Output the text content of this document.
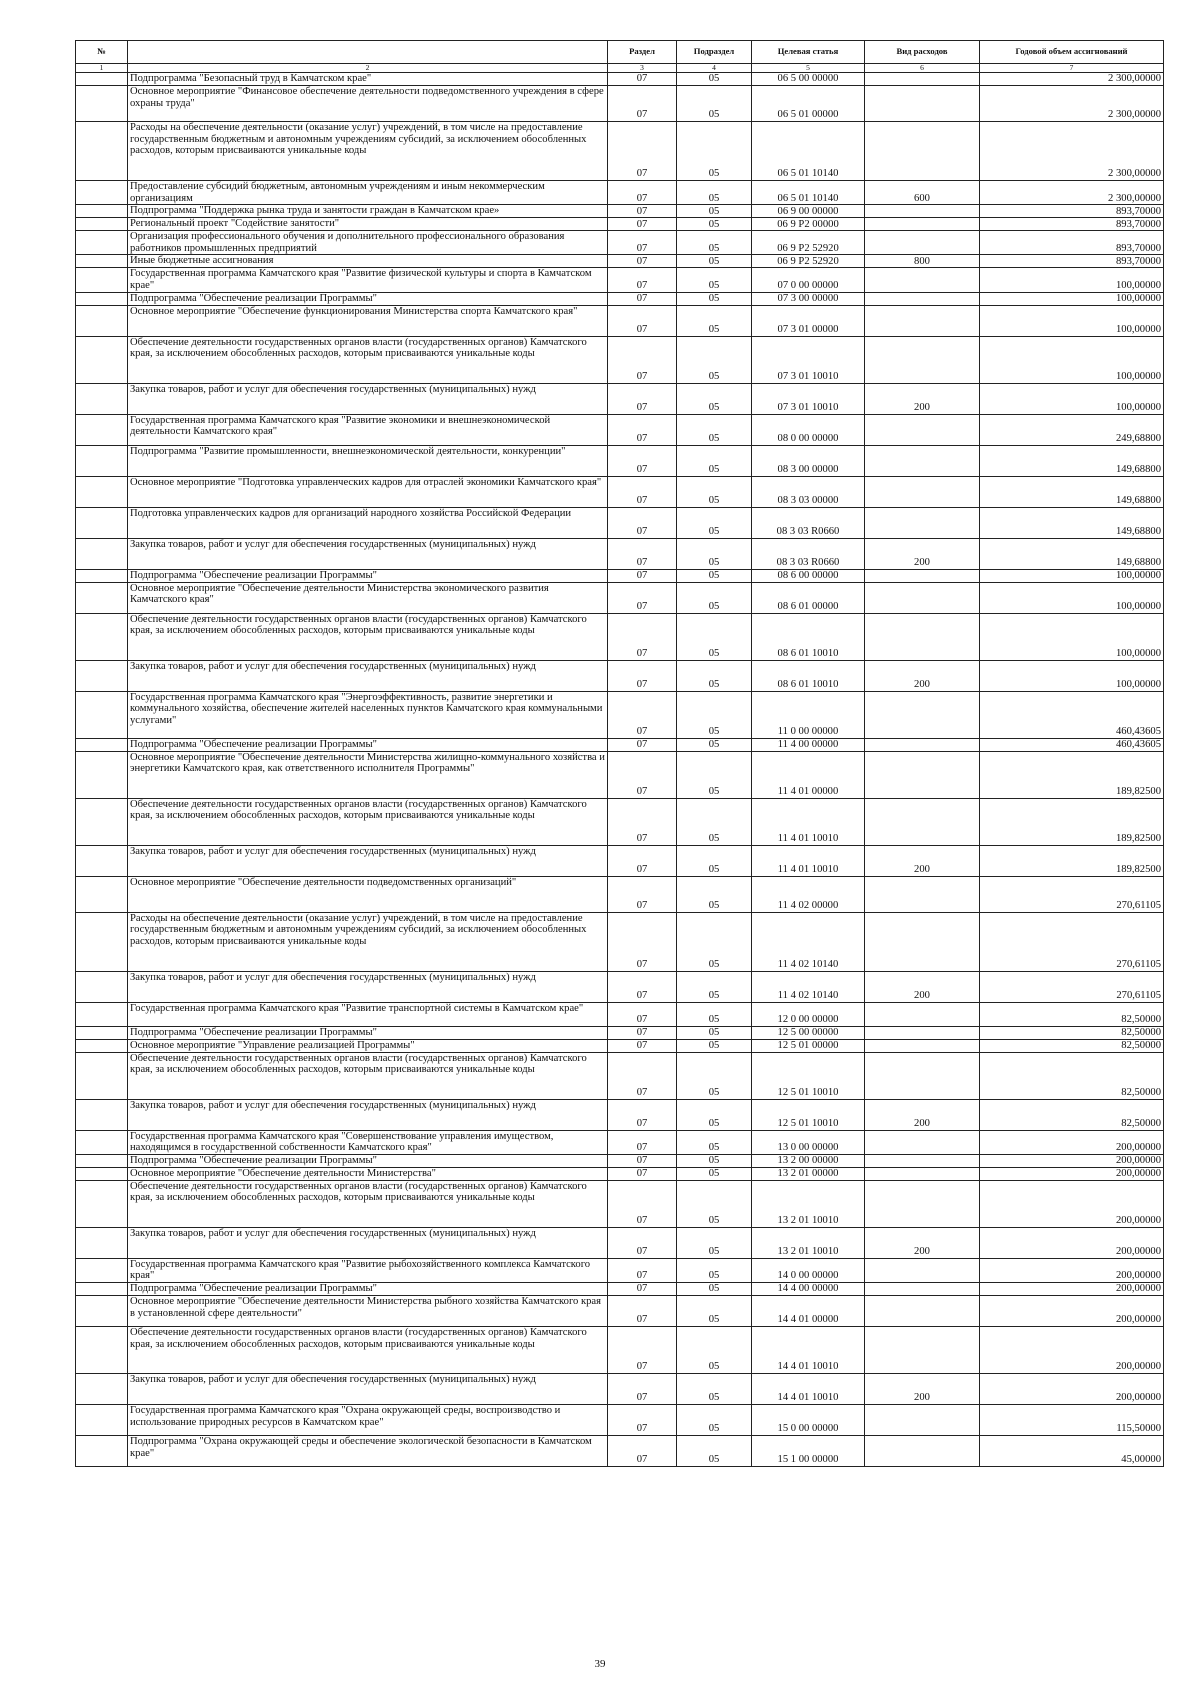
№		Раздел	Подраздел	Целевая статья	Вид расходов	Годовой объем ассигнований
1	2	3	4	5	6	7
	Подпрограмма "Безопасный труд в Камчатском крае"	07	05	06 5 00 00000		2 300,00000
	Основное мероприятие "Финансовое обеспечение деятельности подведомственного учреждения в сфере охраны труда"	07	05	06 5 01 00000		2 300,00000
	Расходы на обеспечение деятельности (оказание услуг) учреждений, в том числе на предоставление государственным бюджетным и автономным учреждениям субсидий, за исключением обособленных расходов, которым присваиваются уникальные коды	07	05	06 5 01 10140		2 300,00000
	Предоставление субсидий бюджетным, автономным учреждениям и иным некоммерческим организациям	07	05	06 5 01 10140	600	2 300,00000
	Подпрограмма "Поддержка рынка труда и занятости граждан в Камчатском крае»	07	05	06 9 00 00000		893,70000
	Региональный проект "Содействие занятости"	07	05	06 9 P2 00000		893,70000
	Организация профессионального обучения и дополнительного профессионального образования работников промышленных предприятий	07	05	06 9 P2 52920		893,70000
	Иные бюджетные ассигнования	07	05	06 9 P2 52920	800	893,70000
	Государственная программа Камчатского края "Развитие физической культуры и спорта в Камчатском крае"	07	05	07 0 00 00000		100,00000
	Подпрограмма "Обеспечение реализации Программы"	07	05	07 3 00 00000		100,00000
	Основное мероприятие "Обеспечение функционирования Министерства спорта Камчатского края"	07	05	07 3 01 00000		100,00000
	Обеспечение деятельности государственных органов власти (государственных органов) Камчатского края, за исключением обособленных расходов, которым присваиваются уникальные коды	07	05	07 3 01 10010		100,00000
	Закупка товаров, работ и услуг для обеспечения государственных (муниципальных) нужд	07	05	07 3 01 10010	200	100,00000
	Государственная программа Камчатского края "Развитие экономики и внешнеэкономической деятельности Камчатского края"	07	05	08 0 00 00000		249,68800
	Подпрограмма "Развитие промышленности, внешнеэкономической деятельности, конкуренции"	07	05	08 3 00 00000		149,68800
	Основное мероприятие "Подготовка управленческих кадров для отраслей экономики Камчатского края"	07	05	08 3 03 00000		149,68800
	Подготовка управленческих кадров для организаций народного хозяйства Российской Федерации	07	05	08 3 03 R0660		149,68800
	Закупка товаров, работ и услуг для обеспечения государственных (муниципальных) нужд	07	05	08 3 03 R0660	200	149,68800
	Подпрограмма "Обеспечение реализации Программы"	07	05	08 6 00 00000		100,00000
	Основное мероприятие "Обеспечение деятельности Министерства экономического развития Камчатского края"	07	05	08 6 01 00000		100,00000
	Обеспечение деятельности государственных органов власти (государственных органов) Камчатского края, за исключением обособленных расходов, которым присваиваются уникальные коды	07	05	08 6 01 10010		100,00000
	Закупка товаров, работ и услуг для обеспечения государственных (муниципальных) нужд	07	05	08 6 01 10010	200	100,00000
	Государственная программа Камчатского края "Энергоэффективность, развитие энергетики и коммунального хозяйства, обеспечение жителей населенных пунктов Камчатского края коммунальными услугами"	07	05	11 0 00 00000		460,43605
	Подпрограмма "Обеспечение реализации Программы"	07	05	11 4 00 00000		460,43605
	Основное мероприятие "Обеспечение деятельности Министерства жилищно-коммунального хозяйства и энергетики Камчатского края, как ответственного исполнителя Программы"	07	05	11 4 01 00000		189,82500
	Обеспечение деятельности государственных органов власти (государственных органов) Камчатского края, за исключением обособленных расходов, которым присваиваются уникальные коды	07	05	11 4 01 10010		189,82500
	Закупка товаров, работ и услуг для обеспечения государственных (муниципальных) нужд	07	05	11 4 01 10010	200	189,82500
	Основное мероприятие "Обеспечение деятельности подведомственных организаций"	07	05	11 4 02 00000		270,61105
	Расходы на обеспечение деятельности (оказание услуг) учреждений, в том числе на предоставление государственным бюджетным и автономным учреждениям субсидий, за исключением обособленных расходов, которым присваиваются уникальные коды	07	05	11 4 02 10140		270,61105
	Закупка товаров, работ и услуг для обеспечения государственных (муниципальных) нужд	07	05	11 4 02 10140	200	270,61105
	Государственная программа Камчатского края "Развитие транспортной системы в Камчатском крае"	07	05	12 0 00 00000		82,50000
	Подпрограмма "Обеспечение реализации Программы"	07	05	12 5 00 00000		82,50000
	Основное мероприятие "Управление реализацией Программы"	07	05	12 5 01 00000		82,50000
	Обеспечение деятельности государственных органов власти (государственных органов) Камчатского края, за исключением обособленных расходов, которым присваиваются уникальные коды	07	05	12 5 01 10010		82,50000
	Закупка товаров, работ и услуг для обеспечения государственных (муниципальных) нужд	07	05	12 5 01 10010	200	82,50000
	Государственная программа Камчатского края "Совершенствование управления имуществом, находящимся в государственной собственности Камчатского края"	07	05	13 0 00 00000		200,00000
	Подпрограмма "Обеспечение реализации Программы"	07	05	13 2 00 00000		200,00000
	Основное мероприятие "Обеспечение деятельности Министерства"	07	05	13 2 01 00000		200,00000
	Обеспечение деятельности государственных органов власти (государственных органов) Камчатского края, за исключением обособленных расходов, которым присваиваются уникальные коды	07	05	13 2 01 10010		200,00000
	Закупка товаров, работ и услуг для обеспечения государственных (муниципальных) нужд	07	05	13 2 01 10010	200	200,00000
	Государственная программа Камчатского края "Развитие рыбохозяйственного комплекса Камчатского края"	07	05	14 0 00 00000		200,00000
	Подпрограмма "Обеспечение реализации Программы"	07	05	14 4 00 00000		200,00000
	Основное мероприятие "Обеспечение деятельности Министерства рыбного хозяйства Камчатского края в установленной сфере деятельности"	07	05	14 4 01 00000		200,00000
	Обеспечение деятельности государственных органов власти (государственных органов) Камчатского края, за исключением обособленных расходов, которым присваиваются уникальные коды	07	05	14 4 01 10010		200,00000
	Закупка товаров, работ и услуг для обеспечения государственных (муниципальных) нужд	07	05	14 4 01 10010	200	200,00000
	Государственная программа Камчатского края "Охрана окружающей среды, воспроизводство и использование природных ресурсов в Камчатском крае"	07	05	15 0 00 00000		115,50000
	Подпрограмма "Охрана окружающей среды и обеспечение экологической безопасности в Камчатском крае"	07	05	15 1 00 00000		45,00000
39
